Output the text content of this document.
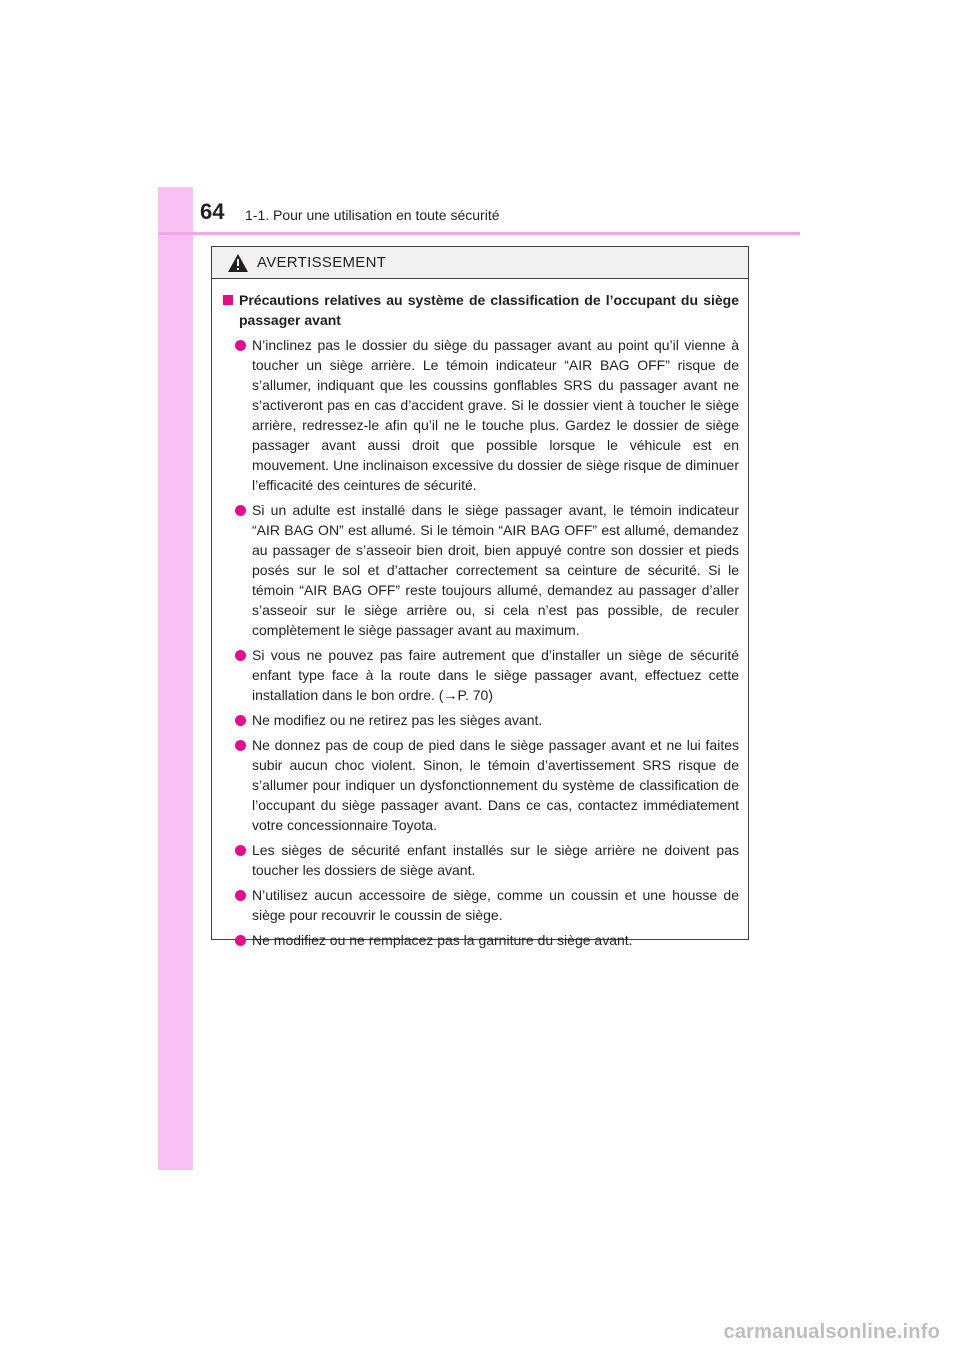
64 1-1. Pour une utilisation en toute sécurité
AVERTISSEMENT
Précautions relatives au système de classification de l’occupant du siège passager avant
N’inclinez pas le dossier du siège du passager avant au point qu’il vienne à toucher un siège arrière. Le témoin indicateur “AIR BAG OFF” risque de s’allumer, indiquant que les coussins gonflables SRS du passager avant ne s’activeront pas en cas d’accident grave. Si le dossier vient à toucher le siège arrière, redressez-le afin qu’il ne le touche plus. Gardez le dossier de siège passager avant aussi droit que possible lorsque le véhicule est en mouvement. Une inclinaison excessive du dossier de siège risque de diminuer l’efficacité des ceintures de sécurité.
Si un adulte est installé dans le siège passager avant, le témoin indicateur “AIR BAG ON” est allumé. Si le témoin “AIR BAG OFF” est allumé, demandez au passager de s’asseoir bien droit, bien appuyé contre son dossier et pieds posés sur le sol et d’attacher correctement sa ceinture de sécurité. Si le témoin “AIR BAG OFF” reste toujours allumé, demandez au passager d’aller s’asseoir sur le siège arrière ou, si cela n’est pas possible, de reculer complètement le siège passager avant au maximum.
Si vous ne pouvez pas faire autrement que d’installer un siège de sécurité enfant type face à la route dans le siège passager avant, effectuez cette installation dans le bon ordre. (→P. 70)
Ne modifiez ou ne retirez pas les sièges avant.
Ne donnez pas de coup de pied dans le siège passager avant et ne lui faites subir aucun choc violent. Sinon, le témoin d’avertissement SRS risque de s’allumer pour indiquer un dysfonctionnement du système de classification de l’occupant du siège passager avant. Dans ce cas, contactez immédiatement votre concessionnaire Toyota.
Les sièges de sécurité enfant installés sur le siège arrière ne doivent pas toucher les dossiers de siège avant.
N’utilisez aucun accessoire de siège, comme un coussin et une housse de siège pour recouvrir le coussin de siège.
Ne modifiez ou ne remplacez pas la garniture du siège avant.
carmanualsonline.info
